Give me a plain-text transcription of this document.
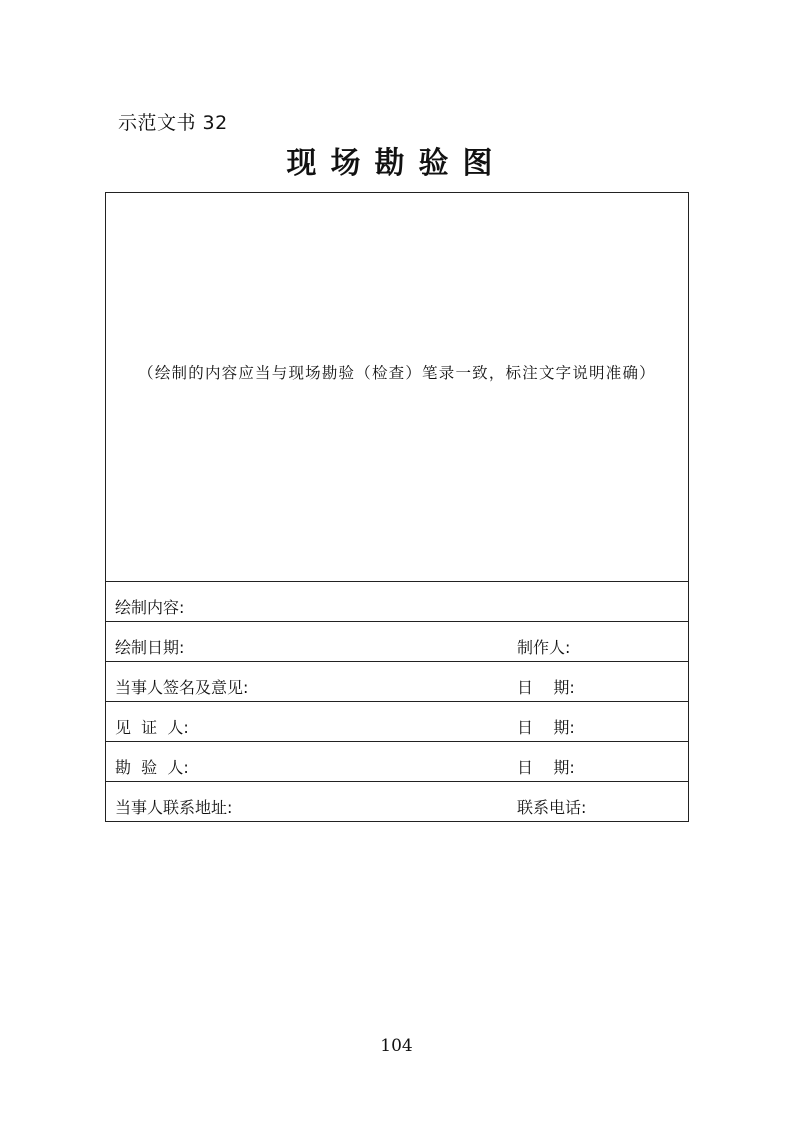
示范文书 32
现场勘验图
（绘制的内容应当与现场勘验（检查）笔录一致，标注文字说明准确）
绘制内容:
绘制日期:	制作人:
当事人签名及意见:	日    期:
见  证  人:	日    期:
勘  验  人:	日    期:
当事人联系地址:	联系电话:
104
